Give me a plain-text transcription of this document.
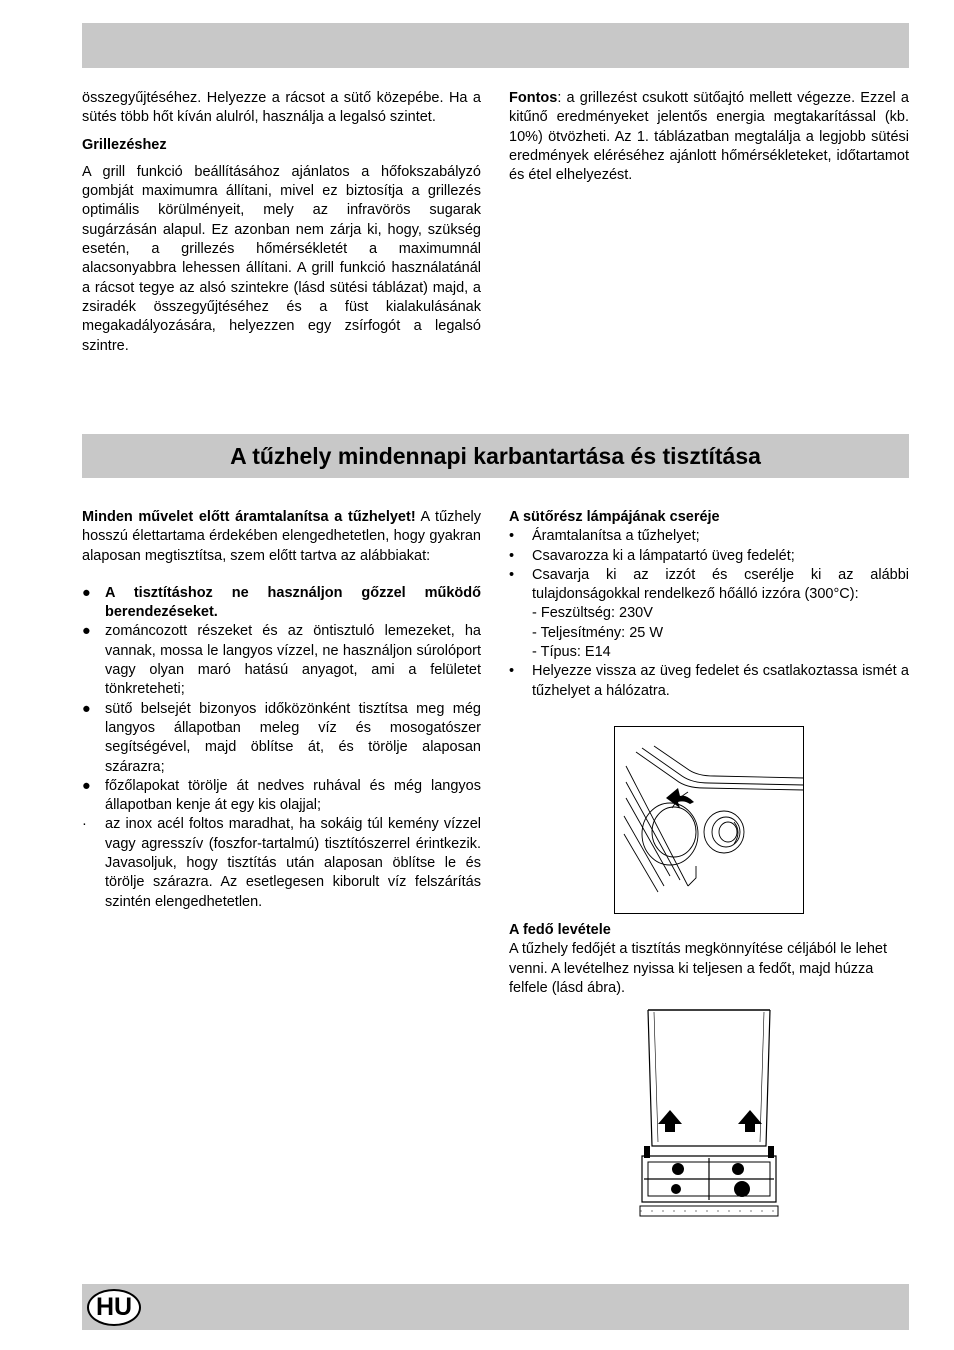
összegyűjtéséhez. Helyezze a rácsot a sütő közepébe. Ha a sütés több hőt kíván alulról, használja a legalsó szintet.

Grillezéshez

A grill funkció beállításához ajánlatos a hőfokszabályzó gombját maximumra állítani, mivel ez biztosítja a grillezés optimális körülményeit, mely az infravörös sugarak sugárzásán alapul. Ez azonban nem zárja ki, hogy, szükség esetén, a grillezés hőmérsékletét a maximumnál alacsonyabbra lehessen állítani. A grill funkció használatánál a rácsot tegye az alsó szintekre (lásd sütési táblázat) majd, a zsiradék összegyűjtéséhez és a füst kialakulásának megakadályozására, helyezzen egy zsírfogót a legalsó szintre.

Fontos: a grillezést csukott sütőajtó mellett végezze. Ezzel a kitűnő eredményeket jelentős energia megtakarítással (kb. 10%) ötvözheti. Az 1. táblázatban megtalálja a legjobb sütési eredmények eléréséhez ajánlott hőmérsékleteket, időtartamot és étel elhelyezést.

A tűzhely mindennapi karbantartása és tisztítása

Minden művelet előtt áramtalanítsa a tűzhelyet! A tűzhely hosszú élettartama érdekében elengedhetetlen, hogy gyakran alaposan megtisztítsa, szem előtt tartva az alábbiakat:

● A tisztításhoz ne használjon gőzzel működő berendezéseket.
● zománcozott részeket és az öntisztuló lemezeket, ha vannak, mossa le langyos vízzel, ne használjon súrolóport vagy olyan maró hatású anyagot, ami a felületet tönkreteheti;
● sütő belsejét bizonyos időközönként tisztítsa meg még langyos állapotban meleg víz és mosogatószer segítségével, majd öblítse át, és törölje alaposan szárazra;
● főzőlapokat törölje át nedves ruhával és még langyos állapotban kenje át egy kis olajjal;
·	az inox acél foltos maradhat, ha sokáig túl kemény vízzel vagy agresszív (foszfor-tartalmú) tisztítószerrel érintkezik. Javasoljuk, hogy tisztítás után alaposan öblítse le és törölje szárazra. Az esetlegesen kiborult víz felszárítás szintén elengedhetetlen.

A sütőrész lámpájának cseréje

•	Áramtalanítsa a tűzhelyet;
•	Csavarozza ki a lámpatartó üveg fedelét;
•	Csavarja ki az izzót és cserélje ki az alábbi tulajdonságokkal rendelkező hőálló izzóra (300°C):
- Feszültség: 230V
- Teljesítmény: 25 W
- Típus: E14
•	Helyezze vissza az üveg fedelet és csatlakoztassa ismét a tűzhelyet a hálózatra.

A fedő levétele

A tűzhely fedőjét a tisztítás megkönnyítése céljából le lehet venni. A levételhez nyissa ki teljesen a fedőt, majd húzza felfele (lásd ábra).

HU
